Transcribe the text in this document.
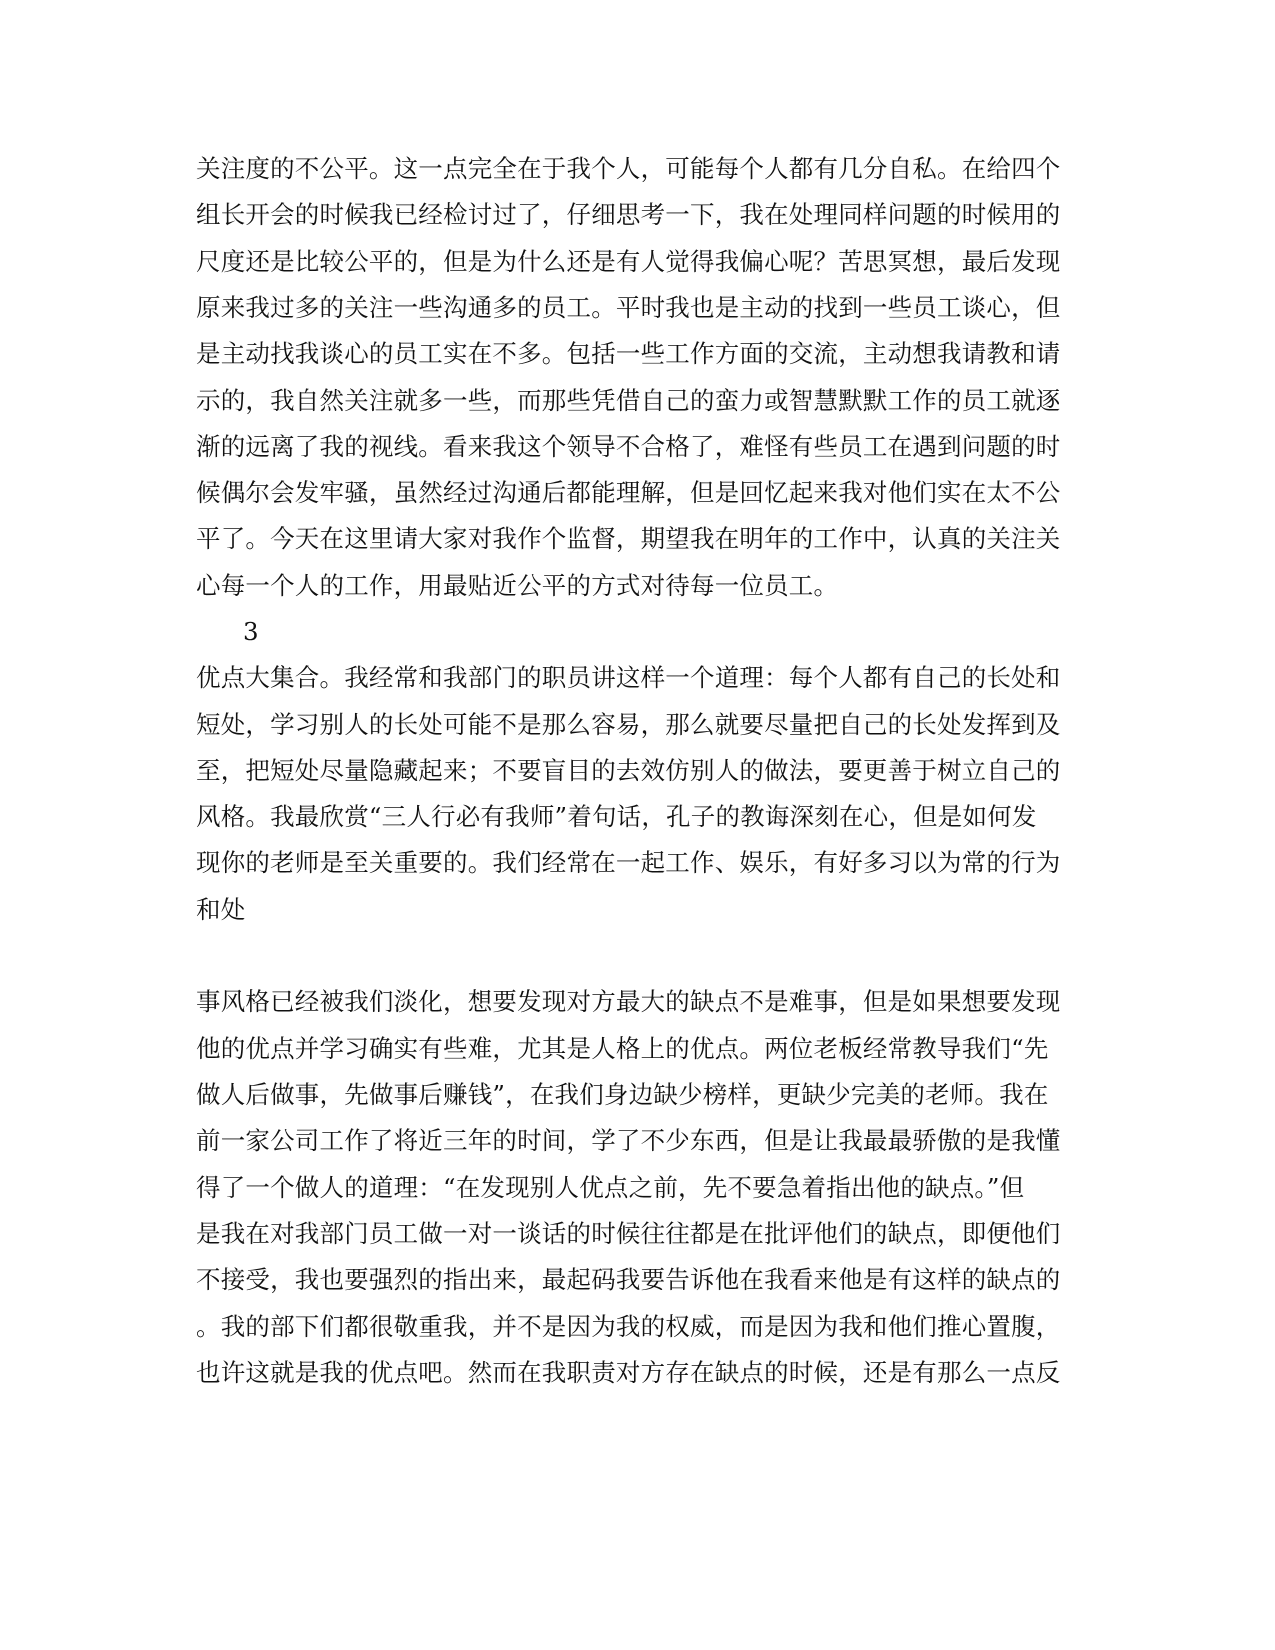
关注度的不公平。这一点完全在于我个人，可能每个人都有几分自私。在给四个
组长开会的时候我已经检讨过了，仔细思考一下，我在处理同样问题的时候用的
尺度还是比较公平的，但是为什么还是有人觉得我偏心呢？苦思冥想，最后发现
原来我过多的关注一些沟通多的员工。平时我也是主动的找到一些员工谈心，但
是主动找我谈心的员工实在不多。包括一些工作方面的交流，主动想我请教和请
示的，我自然关注就多一些，而那些凭借自己的蛮力或智慧默默工作的员工就逐
渐的远离了我的视线。看来我这个领导不合格了，难怪有些员工在遇到问题的时
候偶尔会发牢骚，虽然经过沟通后都能理解，但是回忆起来我对他们实在太不公
平了。今天在这里请大家对我作个监督，期望我在明年的工作中，认真的关注关
心每一个人的工作，用最贴近公平的方式对待每一位员工。
3
优点大集合。我经常和我部门的职员讲这样一个道理：每个人都有自己的长处和
短处，学习别人的长处可能不是那么容易，那么就要尽量把自己的长处发挥到及
至，把短处尽量隐藏起来；不要盲目的去效仿别人的做法，要更善于树立自己的
风格。我最欣赏“三人行必有我师”着句话，孔子的教诲深刻在心，但是如何发
现你的老师是至关重要的。我们经常在一起工作、娱乐，有好多习以为常的行为
和处
事风格已经被我们淡化，想要发现对方最大的缺点不是难事，但是如果想要发现
他的优点并学习确实有些难，尤其是人格上的优点。两位老板经常教导我们“先
做人后做事，先做事后赚钱”，在我们身边缺少榜样，更缺少完美的老师。我在
前一家公司工作了将近三年的时间，学了不少东西，但是让我最最骄傲的是我懂
得了一个做人的道理：“在发现别人优点之前，先不要急着指出他的缺点。”但
是我在对我部门员工做一对一谈话的时候往往都是在批评他们的缺点，即便他们
不接受，我也要强烈的指出来，最起码我要告诉他在我看来他是有这样的缺点的
。我的部下们都很敬重我，并不是因为我的权威，而是因为我和他们推心置腹，
也许这就是我的优点吧。然而在我职责对方存在缺点的时候，还是有那么一点反
